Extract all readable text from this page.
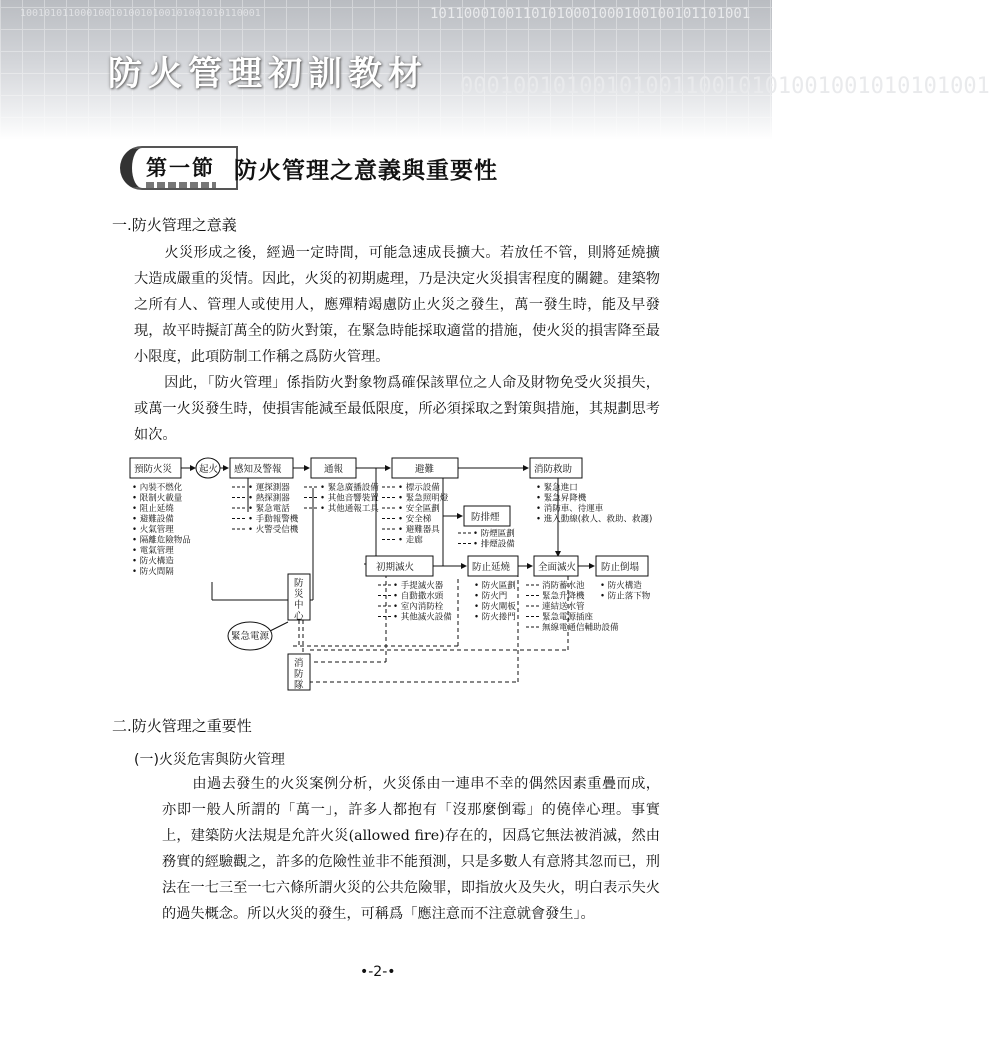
10110001001101010001000100100101101001
1001010110001001010010100101001010110001
0001001010010100110010101001001010101001
防火管理初訓教材
第一節 防火管理之意義與重要性
一.防火管理之意義
火災形成之後，經過一定時間，可能急速成長擴大。若放任不管，則將延燒擴大造成嚴重的災情。因此，火災的初期處理，乃是決定火災損害程度的關鍵。建築物之所有人、管理人或使用人，應殫精竭慮防止火災之發生，萬一發生時，能及早發現，故平時擬訂萬全的防火對策，在緊急時能採取適當的措施，使火災的損害降至最小限度，此項防制工作稱之爲防火管理。
因此，「防火管理」係指防火對象物爲確保該單位之人命及財物免受火災損失，或萬一火災發生時，使損害能減至最低限度，所必須採取之對策與措施，其規劃思考如次。
預防火災	起火 感知及警報	通報	避難	消防救助
防排煙
初期滅火	防止延燒	全面滅火	防止倒塌
緊急電源
防
災
中
心
消
防
隊
• 內裝不燃化
• 限制火載量
• 阻止延燒
• 避難設備
• 火氣管理
• 隔離危險物品
• 電氣管理
• 防火構造
• 防火間隔
• 運探測器
• 熱探測器
• 緊急電話
• 手動報警機
• 火警受信機
• 緊急廣播設備
• 其他音響裝置
• 其他通報工具
• 標示設備
• 緊急照明燈
• 安全區劃
• 安全梯
• 避難器具
• 走廊
• 防煙區劃
• 排煙設備
• 緊急進口
• 緊急昇降機
• 消防車、待運車
• 進入動線(救人、救助、救護)
• 手提滅火器
• 自動撒水頭
• 室內消防栓
• 其他滅火設備
• 防火區劃
• 防火門
• 防火閘板
• 防火捲門
消防蓄水池
緊急升降機
連結送水管
緊急電源插座
無線電通信輔助設備
• 防火構造
• 防止落下物
二.防火管理之重要性
(一)火災危害與防火管理
由過去發生的火災案例分析，火災係由一連串不幸的偶然因素重疊而成，亦即一般人所謂的「萬一」，許多人都抱有「沒那麼倒霉」的僥倖心理。事實上，建築防火法規是允許火災(allowed fire)存在的，因爲它無法被消滅，然由務實的經驗觀之，許多的危險性並非不能預測，只是多數人有意將其忽而已，刑法在一七三至一七六條所謂火災的公共危險罪，即指放火及失火，明白表示失火的過失概念。所以火災的發生，可稱爲「應注意而不注意就會發生」。
•-2-•
